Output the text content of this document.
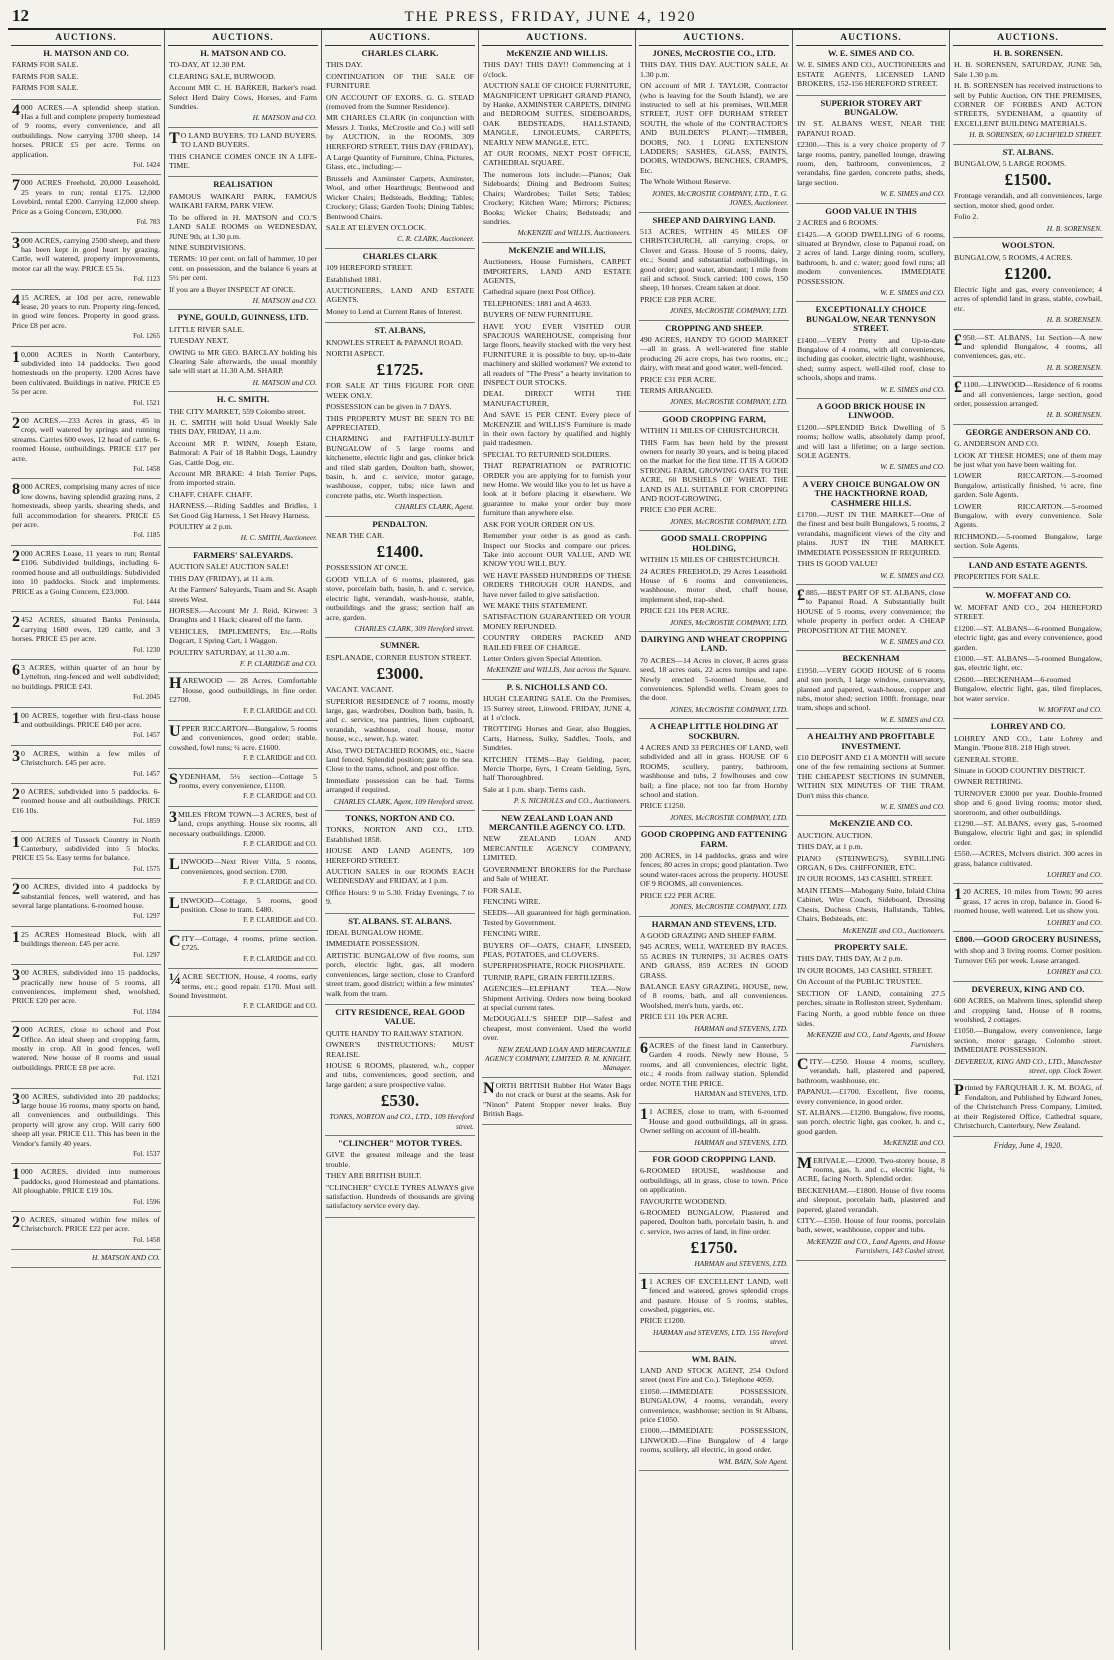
12	THE PRESS, FRIDAY, JUNE 4, 1920
AUCTIONS.
H. MATSON AND CO.

FARMS FOR SALE.

FARMS FOR SALE.

FARMS FOR SALE.

4000 ACRES.—A splendid sheep station. Has a full and complete property homestead of 9 rooms, every convenience, and all outbuildings. Now carrying 3700 sheep, 14 horses. PRICE £5 per acre. Terms on application.

Fol. 1424

7000 ACRES Freehold, 20,000 Leasehold, 25 years to run; rental £175. 12,000 Lovebird, rental £200. Carrying 12,000 sheep. Price as a Going Concern, £30,000.

Fol. 783

3000 ACRES, carrying 2500 sheep, and there has been kept in good heart by grazing. Cattle, well watered, property improvements, motor car all the way. PRICE £5 5s.

Fol. 1123

415 ACRES, at 10d per acre, renewable lease, 20 years to run. Property ring-fenced, in good wire fences. Property in good grass. Price £8 per acre.

Fol. 1265

10,000 ACRES in North Canterbury, subdivided into 14 paddocks. Two good homesteads on the property. 1200 Acres have been cultivated. Buildings in native. PRICE £5 5s per acre.

Fol. 1521

200 ACRES.—233 Acres in grass, 45 in crop, well watered by springs and running streams. Carries 600 ewes, 12 head of cattle. 6-roomed House, outbuildings. PRICE £17 per acre.

Fol. 1458

8000 ACRES, comprising many acres of nice low downs, having splendid grazing runs, 2 homesteads, sheep yards, shearing sheds, and full accommodation for shearers. PRICE £5 per acre.

Fol. 1185

2000 ACRES Lease, 11 years to run; Rental £106. Subdivided buildings, including 6-roomed house and all outbuildings. Subdivided into 10 paddocks. Stock and implements. PRICE as a Going Concern, £23,000.

Fol. 1444

2452 ACRES, situated Banks Peninsula, carrying 1600 ewes, 120 cattle, and 3 horses. PRICE £5 per acre.

Fol. 1230

63 ACRES, within quarter of an hour by Lyttelton, ring-fenced and well subdivided; no buildings. PRICE £43.

Fol. 2045

100 ACRES, together with first-class house and outbuildings. PRICE £40 per acre.

Fol. 1457

30 ACRES, within a few miles of Christchurch. £45 per acre.

Fol. 1457

20 ACRES, subdivided into 5 paddocks. 6-roomed house and all outbuildings. PRICE £16 10s.

Fol. 1859

1000 ACRES of Tussock Country in North Canterbury, subdivided into 5 blocks. PRICE £5 5s. Easy terms for balance.

Fol. 1575

200 ACRES, divided into 4 paddocks by substantial fences, well watered, and has several large plantations. 6-roomed house.

Fol. 1297

125 ACRES Homestead Block, with all buildings thereon. £45 per acre.

Fol. 1297

300 ACRES, subdivided into 15 paddocks, practically new house of 5 rooms, all conveniences, implement shed, woolshed, PRICE £20 per acre.

Fol. 1594

2000 ACRES, close to school and Post Office. An ideal sheep and cropping farm, mostly in crop. All in good fences, well watered. New house of 8 rooms and usual outbuildings. PRICE £8 per acre.

Fol. 1521

300 ACRES, subdivided into 20 paddocks; large house 16 rooms, many sports on hand, all conveniences and outbuildings. This property will grow any crop. Will carry 600 sheep all year. PRICE £11. This has been in the Vendor's family 40 years.

Fol. 1537

1000 ACRES, divided into numerous paddocks, good Homestead and plantations. All ploughable. PRICE £19 10s.

Fol. 1596

20 ACRES, situated within few miles of Christchurch. PRICE £22 per acre.

Fol. 1458
H. MATSON AND CO.
AUCTIONS.
H. MATSON AND CO.

TO-DAY, AT 12.30 P.M.

CLEARING SALE, BURWOOD.

Account MR C. H. BARKER, Barker's road. Select Herd Dairy Cows, Horses, and Farm Sundries.

H. MATSON and CO.

TO LAND BUYERS. TO LAND BUYERS. TO LAND BUYERS.

THIS CHANCE COMES ONCE IN A LIFE-TIME.

REALISATION

FAMOUS WAIKARI PARK, FAMOUS WAIKARI FARM, PARK VIEW.

To be offered in H. MATSON and CO.'S LAND SALE ROOMS on WEDNESDAY, JUNE 9th, at 1.30 p.m.

NINE SUBDIVISIONS.

TERMS: 10 per cent. on fall of hammer, 10 per cent. on possession, and the balance 6 years at 5½ per cent.

If you are a Buyer INSPECT AT ONCE.

H. MATSON and CO.
PYNE, GOULD, GUINNESS, LTD.

LITTLE RIVER SALE.

TUESDAY NEXT.

OWING to MR GEO. BARCLAY holding his Clearing Sale afterwards, the usual monthly sale will start at 11.30 A.M. SHARP.

H. MATSON and CO.
H. C. SMITH.

THE CITY MARKET, 559 Colombo street.

H. C. SMITH will hold Usual Weekly Sale THIS DAY, FRIDAY, 11 a.m.

Account MR P. WINN, Joseph Estate, Balmoral: A Pair of 18 Rabbit Dogs, Laundry Gas, Cattle Dog, etc.

Account MR BRAKE: 4 Irish Terrier Pups, from imported strain.

CHAFF. CHAFF. CHAFF.

HARNESS.—Riding Saddles and Bridles, 1 Set Good Gig Harness, 1 Set Heavy Harness.

POULTRY at 2 p.m.

H. C. SMITH, Auctioneer.
FARMERS' SALEYARDS.

AUCTION SALE! AUCTION SALE!

THIS DAY (FRIDAY), at 11 a.m.

At the Farmers' Saleyards, Tuam and St. Asaph streets West.

HORSES.—Account Mr J. Reid, Kirwee: 3 Draughts and 1 Hack; cleared off the farm.

VEHICLES, IMPLEMENTS, Etc.—Rolls Dogcart, 1 Spring Cart, 1 Waggon.

POULTRY SATURDAY, at 11.30 a.m.

F. P. CLARIDGE and CO.

HAREWOOD — 28 Acres. Comfortable House, good outbuildings, in fine order. £2700.

F. P. CLARIDGE and CO.

UPPER RICCARTON—Bungalow, 5 rooms and conveniences, good order; stable, cowshed, fowl runs; ¼ acre. £1600.

F. P. CLARIDGE and CO.

SYDENHAM, 5½ section—Cottage 5 rooms, every convenience, £1100.

F. P. CLARIDGE and CO.

3MILES FROM TOWN—3 ACRES, best of land, crops anything. House six rooms, all necessary outbuildings. £2000.

F. P. CLARIDGE and CO.

LINWOOD—Next River Villa, 5 rooms, conveniences, good section. £700.

F. P. CLARIDGE and CO.

LINWOOD—Cottage, 5 rooms, good position. Close to tram. £480.

F. P. CLARIDGE and CO.

CITY—Cottage, 4 rooms, prime section. £725.

F. P. CLARIDGE and CO.

¼ACRE SECTION, House, 4 rooms, early terms, etc.; good repair. £170. Must sell. Sound Investment.

F. P. CLARIDGE and CO.
AUCTIONS.
CHARLES CLARK.

THIS DAY.

CONTINUATION OF THE SALE OF FURNITURE

ON ACCOUNT OF EXORS. G. G. STEAD (removed from the Sumner Residence).

MR CHARLES CLARK (in conjunction with Messrs J. Tonks, McCrostie and Co.) will sell by AUCTION, in the ROOMS, 309 HEREFORD STREET, THIS DAY (FRIDAY),

A Large Quantity of Furniture, China, Pictures, Glass, etc., including:—

Brussels and Axminster Carpets, Axminster, Wool, and other Hearthrugs; Bentwood and Wicker Chairs; Bedsteads, Bedding; Tables; Crockery; Glass; Garden Tools; Dining Tables; Bentwood Chairs.

SALE AT ELEVEN O'CLOCK.

C. R. CLARK, Auctioneer.
CHARLES CLARK

109 HEREFORD STREET.

Established 1881.

AUCTIONEERS, LAND AND ESTATE AGENTS.

Money to Lend at Current Rates of Interest.

ST. ALBANS,

KNOWLES STREET & PAPANUI ROAD.

NORTH ASPECT.

£1725.

FOR SALE AT THIS FIGURE FOR ONE WEEK ONLY.

POSSESSION can be given in 7 DAYS.

THIS PROPERTY MUST BE SEEN TO BE APPRECIATED.

CHARMING and FAITHFULLY-BUILT BUNGALOW of 5 large rooms and kitchenette, electric light and gas, clinker brick and tiled slab garden, Doulton bath, shower, basin, h. and c. service, motor garage, washhouse, copper, tubs; nice lawn and concrete paths, etc. Worth inspection.

CHARLES CLARK, Agent.
PENDALTON.

NEAR THE CAR.

£1400.

POSSESSION AT ONCE.

GOOD VILLA of 6 rooms, plastered, gas stove, porcelain bath, basin, h. and c. service, electric light, verandah, wash-house, stable, outbuildings and the grass; section half an acre, garden.

CHARLES CLARK, 309 Hereford street.
SUMNER.

ESPLANADE, CORNER EUSTON STREET.

£3000.

VACANT. VACANT.

SUPERIOR RESIDENCE of 7 rooms, mostly large, gas, wardrobes, Doulton bath, basin, h. and c. service, tea pantries, linen cupboard, verandah, washhouse, coal house, motor house, w.c., sewer, h.p. water.

Also, TWO DETACHED ROOMS, etc., ¼acre land fenced. Splendid position; gate to the sea. Close to the trams, school, and post office.

Immediate possession can be had. Terms arranged if required.

CHARLES CLARK, Agent, 109 Hereford street.
TONKS, NORTON AND CO.

TONKS, NORTON AND CO., LTD. Established 1858.

HOUSE AND LAND AGENTS, 109 HEREFORD STREET.

AUCTION SALES in our ROOMS EACH WEDNESDAY and FRIDAY, at 1 p.m.

Office Hours: 9 to 5.30. Friday Evenings, 7 to 9.

ST. ALBANS. ST. ALBANS.

IDEAL BUNGALOW HOME.

IMMEDIATE POSSESSION.

ARTISTIC BUNGALOW of five rooms, sun porch, electric light, gas, all modern conveniences, large section, close to Cranford street tram, good district; within a few minutes' walk from the tram.

CITY RESIDENCE, REAL GOOD VALUE.

QUITE HANDY TO RAILWAY STATION.

OWNER'S INSTRUCTIONS: MUST REALISE.

HOUSE 6 ROOMS, plastered, w.h., copper and tubs, conveniences, good section, and large garden; a sure prospective value.

£530.
TONKS, NORTON and CO., LTD., 109 Hereford street.
"CLINCHER" MOTOR TYRES.

GIVE the greatest mileage and the least trouble.

THEY ARE BRITISH BUILT.

"CLINCHER" CYCLE TYRES ALWAYS give satisfaction. Hundreds of thousands are giving satisfactory service every day.

AUCTIONS.
McKENZIE AND WILLIS.

THIS DAY! THIS DAY!! Commencing at 1 o'clock.

AUCTION SALE OF CHOICE FURNITURE, MAGNIFICENT UPRIGHT GRAND PIANO, by Hanke, AXMINSTER CARPETS, DINING and BEDROOM SUITES, SIDEBOARDS, OAK BEDSTEADS, HALLSTAND, MANGLE, LINOLEUMS, CARPETS, NEARLY NEW MANGLE, ETC.

AT OUR ROOMS, NEXT POST OFFICE, CATHEDRAL SQUARE.

The numerous lots include:—Pianos; Oak Sideboards; Dining and Bedroom Suites; Chairs; Wardrobes; Toilet Sets; Tables; Crockery; Kitchen Ware; Mirrors; Pictures; Books; Wicker Chairs; Bedsteads; and sundries.

McKENZIE and WILLIS, Auctioneers.
McKENZIE and WILLIS,

Auctioneers, House Furnishers, CARPET IMPORTERS, LAND AND ESTATE AGENTS,

Cathedral square (next Post Office).

TELEPHONES: 1881 and A 4633.

BUYERS OF NEW FURNITURE.

HAVE YOU EVER VISITED OUR SPACIOUS WAREHOUSE, comprising four large floors, heavily stocked with the very best FURNITURE it is possible to buy, up-to-date machinery and skilled workmen? We extend to all readers of "The Press" a hearty invitation to INSPECT OUR STOCKS.

DEAL DIRECT WITH THE MANUFACTURER,

And SAVE 15 PER CENT. Every piece of McKENZIE and WILLIS'S Furniture is made in their own factory by qualified and highly paid tradesmen.

SPECIAL TO RETURNED SOLDIERS.

THAT REPATRIATION or PATRIOTIC ORDER you are applying for to furnish your new Home. We would like you to let us have a look at it before placing it elsewhere. We guarantee to make your order buy more furniture than anywhere else.

ASK FOR YOUR ORDER ON US.

Remember your order is as good as cash. Inspect our Stocks and compare our prices. Take into account OUR VALUE, AND WE KNOW YOU WILL BUY.

WE HAVE PASSED HUNDREDS OF THESE ORDERS THROUGH OUR HANDS, and have never failed to give satisfaction.

WE MAKE THIS STATEMENT.

SATISFACTION GUARANTEED OR YOUR MONEY REFUNDED.

COUNTRY ORDERS PACKED AND RAILED FREE OF CHARGE.

Letter Orders given Special Attention.

McKENZIE and WILLIS, Just across the Square.
P. S. NICHOLLS AND CO.

HUGH CLEARING SALE. On the Premises, 15 Surrey street, Linwood. FRIDAY, JUNE 4, at 1 o'clock.

TROTTING Horses and Gear, also Buggies, Carts, Harness, Sulky, Saddles, Tools, and Sundries.

KITCHEN ITEMS—Bay Gelding, pacer, Mercie Thorpe, 6yrs, 1 Cream Gelding, 5yrs, half Thoroughbred.

Sale at 1 p.m. sharp. Terms cash.

P. S. NICHOLLS and CO., Auctioneers.
NEW ZEALAND LOAN AND MERCANTILE AGENCY CO. LTD.

NEW ZEALAND LOAN AND MERCANTILE AGENCY COMPANY, LIMITED.

GOVERNMENT BROKERS for the Purchase and Sale of WHEAT.

FOR SALE.

FENCING WIRE.

SEEDS—All guaranteed for high germination. Tested by Government.

FENCING WIRE.

BUYERS OF—OATS, CHAFF, LINSEED, PEAS, POTATOES, and CLOVERS.

SUPERPHOSPHATE, ROCK PHOSPHATE.

TURNIP, RAPE, GRAIN FERTILIZERS.

AGENCIES—ELEPHANT TEA.—Now Shipment Arriving. Orders now being booked at special current rates.

McDOUGALL'S SHEEP DIP—Safest and cheapest, most convenient. Used the world over.

NEW ZEALAND LOAN AND MERCANTILE AGENCY COMPANY, LIMITED. R. M. KNIGHT, Manager.

NORTH BRITISH Rubber Hot Water Bags do not crack or burst at the seams. Ask for "Ninon" Patent Stopper never leaks. Buy British Bags.

AUCTIONS.
JONES, McCROSTIE CO., LTD.

THIS DAY. THIS DAY. AUCTION SALE, At 1.30 p.m.

ON account of MR J. TAYLOR, Contractor (who is leaving for the South Island), we are instructed to sell at his premises, WILMER STREET, JUST OFF DURHAM STREET SOUTH, the whole of the CONTRACTOR'S AND BUILDER'S PLANT:—TIMBER, DOORS, NO. 1 LONG EXTENSION LADDERS; SASHES, GLASS, PAINTS, DOORS, WINDOWS, BENCHES, CRAMPS, Etc.

The Whole Without Reserve.

JONES, McCROSTIE COMPANY, LTD., T. G. JONES, Auctioneer.
SHEEP AND DAIRYING LAND.

513 ACRES, WITHIN 45 MILES OF CHRISTCHURCH, all carrying crops, or Clover and Grass. House of 5 rooms, dairy, etc.; Sound and substantial outbuildings, in good order; good water, abundant; 1 mile from rail and school. Stock carried: 100 cows, 150 sheep, 10 horses. Cream taken at door.

PRICE £28 PER ACRE.

JONES, McCROSTIE COMPANY, LTD.
CROPPING AND SHEEP.

490 ACRES, HANDY TO GOOD MARKET—all in grass. A well-watered fine stable producing 26 acre crops, has two rooms, etc.; dairy, with meat and good water, well-fenced.

PRICE £31 PER ACRE.

TERMS ARRANGED.

JONES, McCROSTIE COMPANY, LTD.
GOOD CROPPING FARM,

WITHIN 11 MILES OF CHRISTCHURCH.

THIS Farm has been held by the present owners for nearly 30 years, and is being placed on the market for the first time. IT IS A GOOD STRONG FARM, GROWING OATS TO THE ACRE, 60 BUSHELS OF WHEAT. THE LAND IS ALL SUITABLE FOR CROPPING AND ROOT-GROWING.

PRICE £30 PER ACRE.

JONES, McCROSTIE COMPANY, LTD.
GOOD SMALL CROPPING HOLDING,

WITHIN 15 MILES OF CHRISTCHURCH.

24 ACRES FREEHOLD, 29 Acres Leasehold. House of 6 rooms and conveniences, washhouse, motor shed, chaff house, implement shed, trap-shed.

PRICE £21 10s PER ACRE.

JONES, McCROSTIE COMPANY, LTD.
DAIRYING AND WHEAT CROPPING LAND.

70 ACRES—14 Acres in clover, 8 acres grass seed, 18 acres oats, 22 acres turnips and rape. Newly erected 5-roomed house, and conveniences. Splendid wells. Cream goes to the door.

JONES, McCROSTIE COMPANY, LTD.
A CHEAP LITTLE HOLDING AT SOCKBURN.

4 ACRES AND 33 PERCHES OF LAND, well subdivided and all in grass. HOUSE OF 6 ROOMS, scullery, pantry, bathroom, washhouse and tubs, 2 fowlhouses and cow bail; a fine place, not too far from Hornby school and station.

PRICE £1250.

JONES, McCROSTIE COMPANY, LTD.
GOOD CROPPING AND FATTENING FARM.

200 ACRES, in 14 paddocks, grass and wire fences; 80 acres in crops; good plantation. Two sound water-races across the property. HOUSE OF 9 ROOMS, all conveniences.

PRICE £22 PER ACRE.

JONES, McCROSTIE COMPANY, LTD.
HARMAN AND STEVENS, LTD.

A GOOD GRAZING AND SHEEP FARM.

945 ACRES, WELL WATERED BY RACES. 55 ACRES IN TURNIPS, 31 ACRES OATS AND GRASS, 859 ACRES IN GOOD GRASS.

BALANCE EASY GRAZING, HOUSE, new, of 8 rooms, bath, and all conveniences. Woolshed, men's huts, yards, etc.

PRICE £11 10s PER ACRE.

HARMAN and STEVENS, LTD.

6ACRES of the finest land in Canterbury. Garden 4 roods. Newly new House, 5 rooms, and all conveniences, electric light, etc.; 4 roods from railway station. Splendid order. NOTE THE PRICE.

HARMAN and STEVENS, LTD.

11 ACRES, close to tram, with 6-roomed House and good outbuildings, all in grass. Owner selling on account of ill-health.

HARMAN and STEVENS, LTD.
FOR GOOD CROPPING LAND.

6-ROOMED HOUSE, washhouse and outbuildings, all in grass, close to town. Price on application.

FAVOURITE WOODEND.

6-ROOMED BUNGALOW, Plastered and papered, Doulton bath, porcelain basin, h. and c. service, two acres of land, in fine order.

£1750.
HARMAN and STEVENS, LTD.

11 ACRES OF EXCELLENT LAND, well fenced and watered, grows splendid crops and pasture. House of 5 rooms, stables, cowshed, piggeries, etc.

PRICE £1200.

HARMAN and STEVENS, LTD. 155 Hereford street.
WM. BAIN.

LAND AND STOCK AGENT, 254 Oxford street (next Fire and Co.). Telephone 4059.

£1050.—IMMEDIATE POSSESSION. BUNGALOW, 4 rooms, verandah, every convenience, washhouse; section in St Albans, price £1050.

£1000.—IMMEDIATE POSSESSION, LINWOOD.—Fine Bungalow of 4 large rooms, scullery, all electric, in good order.

WM. BAIN, Sole Agent.
AUCTIONS.
W. E. SIMES AND CO.

W. E. SIMES AND CO., AUCTIONEERS and ESTATE AGENTS, LICENSED LAND BROKERS, 152-156 HEREFORD STREET.

SUPERIOR STOREY ART BUNGALOW.

IN ST. ALBANS WEST, NEAR THE PAPANUI ROAD.

£2300.—This is a very choice property of 7 large rooms, pantry, panelled lounge, drawing room, den, bathroom, conveniences, 2 verandahs, fine garden, concrete paths, sheds, large section.

W. E. SIMES and CO.
GOOD VALUE IN THIS

2 ACRES and 6 ROOMS.

£1425.—A GOOD DWELLING of 6 rooms, situated at Bryndwr, close to Papanui road, on 2 acres of land. Large dining room, scullery, bathroom, h. and c. water; good fowl runs; all modern conveniences. IMMEDIATE POSSESSION.

W. E. SIMES and CO.
EXCEPTIONALLY CHOICE BUNGALOW, NEAR TENNYSON STREET.

£1400.—VERY Pretty and Up-to-date Bungalow of 4 rooms, with all conveniences, including gas cooker, electric light, washhouse, shed; sunny aspect, well-tiled roof, close to schools, shops and trams.

W. E. SIMES and CO.
A GOOD BRICK HOUSE IN LINWOOD.

£1200.—SPLENDID Brick Dwelling of 5 rooms; hollow walls, absolutely damp proof, and will last a lifetime; on a large section. SOLE AGENTS.

W. E. SIMES and CO.
A VERY CHOICE BUNGALOW ON THE HACKTHORNE ROAD, CASHMERE HILLS.

£1700.—JUST IN THE MARKET—One of the finest and best built Bungalows, 5 rooms, 2 verandahs, magnificent views of the city and plains. JUST IN THE MARKET. IMMEDIATE POSSESSION IF REQUIRED.

THIS IS GOOD VALUE!

W. E. SIMES and CO.

£885.—BEST PART OF ST. ALBANS, close to Papanui Road. A Substantially built HOUSE of 5 rooms, every convenience; the whole property in perfect order. A CHEAP PROPOSITION AT THE MONEY.

W. E. SIMES and CO.
BECKENHAM

£1950.—VERY GOOD HOUSE of 6 rooms and sun porch, 1 large window, conservatory, planted and papered, wash-house, copper and tubs, motor shed; section 100ft. frontage, near tram, shops and school.

W. E. SIMES and CO.
A HEALTHY AND PROFITABLE INVESTMENT.

£10 DEPOSIT AND £1 A MONTH will secure one of the few remaining sections at Sumner. THE CHEAPEST SECTIONS IN SUMNER, WITHIN SIX MINUTES OF THE TRAM. Don't miss this chance.

W. E. SIMES and CO.
McKENZIE AND CO.

AUCTION. AUCTION.

THIS DAY, at 1 p.m.

PIANO (STEINWEG'S), SYBILLING ORGAN, 6 Drs. CHIFFONIER, ETC.

IN OUR ROOMS, 143 CASHEL STREET.

MAIN ITEMS—Mahogany Suite, Inlaid China Cabinet, Wire Couch, Sideboard, Dressing Chests, Duchess Chests, Hallstands, Tables, Chairs, Bedsteads, etc.

McKENZIE and CO., Auctioneers.
PROPERTY SALE.

THIS DAY, THIS DAY, At 2 p.m.

IN OUR ROOMS, 143 CASHEL STREET.

On Account of the PUBLIC TRUSTEE.

SECTION OF LAND, containing 27.5 perches, situate in Rolleston street, Sydenham.

Facing North, a good rubble fence on three sides.

McKENZIE and CO., Land Agents, and House Furnishers.

CITY.—£250. House 4 rooms, scullery, verandah, hall, plastered and papered, bathroom, washhouse, etc.

PAPANUI.—£1700. Excellent, five rooms, every convenience, in good order.

ST. ALBANS.—£1200. Bungalow, five rooms, sun porch, electric light, gas cooker, h. and c., good garden.

McKENZIE and CO.

MERIVALE.—£2000. Two-storey house, 8 rooms, gas, h. and c., electric light, ¼ ACRE, facing North. Splendid order.

BECKENHAM.—£1800. House of five rooms and sleepout, porcelain bath, plastered and papered, glazed verandah.

CITY.—£350. House of four rooms, porcelain bath, sewer, washhouse, copper and tubs.

McKENZIE and CO., Land Agents, and House Furnishers, 143 Cashel street.
AUCTIONS.
H. B. SORENSEN.

H. B. SORENSEN, SATURDAY, JUNE 5th, Sale 1.30 p.m.

H. B. SORENSEN has received instructions to sell by Public Auction, ON THE PREMISES, CORNER OF FORBES AND ACTON STREETS, SYDENHAM, a quantity of EXCELLENT BUILDING MATERIALS.

H. B. SORENSEN, 60 LICHFIELD STREET.
ST. ALBANS.

BUNGALOW, 5 LARGE ROOMS.

£1500.

Frontage verandah, and all conveniences, large section, motor shed, good order.

Folio 2.

H. B. SORENSEN.
WOOLSTON.

BUNGALOW, 5 ROOMS, 4 ACRES.

£1200.

Electric light and gas, every convenience; 4 acres of splendid land in grass, stable, cowbail, etc.

H. B. SORENSEN.

£950.—ST. ALBANS, 1st Section—A new and splendid Bungalow, 4 rooms, all conveniences, gas, etc.

H. B. SORENSEN.

£1100.—LINWOOD—Residence of 6 rooms and all conveniences, large section, good order, possession arranged.

H. B. SORENSEN.
GEORGE ANDERSON AND CO.

G. ANDERSON AND CO.

LOOK AT THESE HOMES; one of them may be just what you have been waiting for.

LOWER RICCARTON.—5-roomed Bungalow, artistically finished, ½ acre, fine garden. Sole Agents.

LOWER RICCARTON.—5-roomed Bungalow, with every convenience. Sole Agents.

RICHMOND.—5-roomed Bungalow, large section. Sole Agents.

LAND AND ESTATE AGENTS.

PROPERTIES FOR SALE.

W. MOFFAT AND CO.

W. MOFFAT AND CO., 204 HEREFORD STREET.

£1200.—ST. ALBANS—6-roomed Bungalow, electric light, gas and every convenience, good garden.

£1000.—ST. ALBANS—5-roomed Bungalow, gas, electric light, etc.

£2600.—BECKENHAM—6-roomed Bungalow, electric light, gas, tiled fireplaces, hot water service.

W. MOFFAT and CO.
LOHREY AND CO.

LOHREY AND CO., Late Lohrey and Mangin. 'Phone 818. 218 High street.

GENERAL STORE.

Situate in GOOD COUNTRY DISTRICT.

OWNER RETIRING.

TURNOVER £3000 per year. Double-fronted shop and 6 good living rooms; motor shed, storeroom, and other outbuildings.

£1290.—ST. ALBANS, every gas, 5-roomed Bungalow, electric light and gas; in splendid order.

£550.—ACRES, McIvers district. 300 acres in grass, balance cultivated.

LOHREY and CO.

120 ACRES, 10 miles from Town; 90 acres grass, 17 acres in crop, balance in. Good 6-roomed house, well watered. Let us show you.

LOHREY and CO.
£800.—GOOD GROCERY BUSINESS,

with shop and 3 living rooms. Corner position. Turnover £65 per week. Lease arranged.

LOHREY and CO.
DEVEREUX, KING AND CO.

600 ACRES, on Malvern lines, splendid sheep and cropping land, House of 8 rooms, woolshed, 2 cottages.

£1050.—Bungalow, every convenience, large section, motor garage, Colombo street. IMMEDIATE POSSESSION.

DEVEREUX, KING AND CO., LTD., Manchester street, opp. Clock Tower.

Printed by FARQUHAR J. K. M. BOAG, of Fendalton, and Published by Edward Jones, of the Christchurch Press Company, Limited, at their Registered Office, Cathedral square, Christchurch, Canterbury, New Zealand.

Friday, June 4, 1920.
